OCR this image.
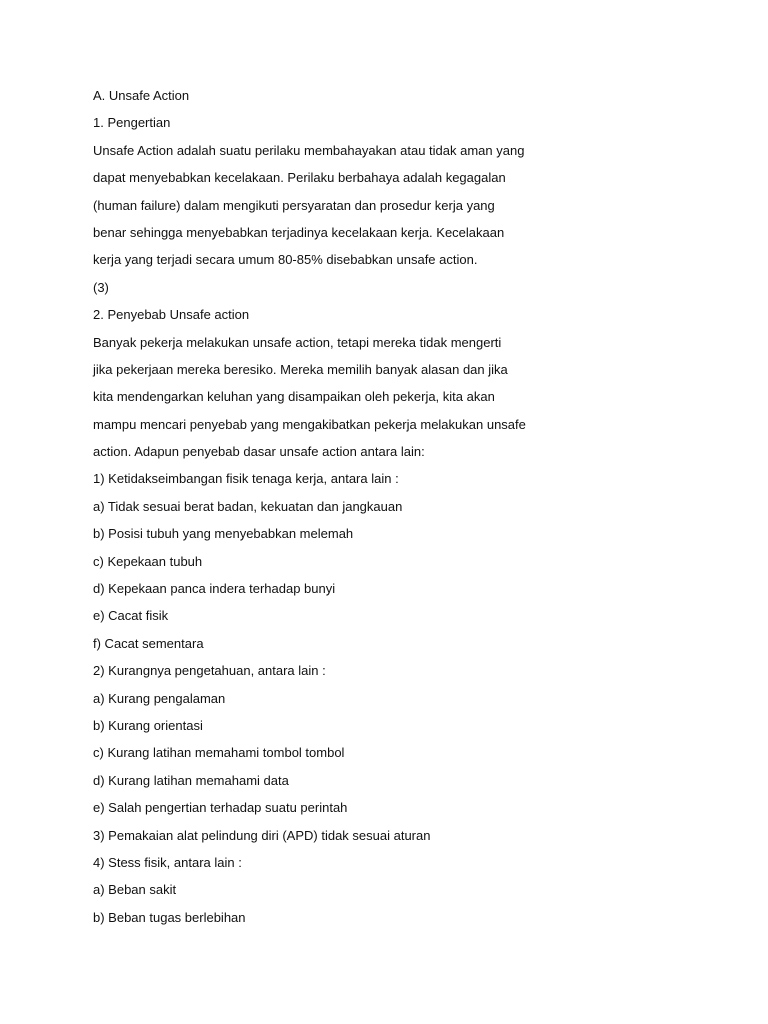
A. Unsafe Action
1. Pengertian
Unsafe Action adalah suatu perilaku membahayakan atau tidak aman yang
dapat menyebabkan kecelakaan. Perilaku berbahaya adalah kegagalan
(human failure) dalam mengikuti persyaratan dan prosedur kerja yang
benar sehingga menyebabkan terjadinya kecelakaan kerja. Kecelakaan
kerja yang terjadi secara umum 80-85% disebabkan unsafe action.
(3)
2. Penyebab Unsafe action
Banyak pekerja melakukan unsafe action, tetapi mereka tidak mengerti
jika pekerjaan mereka beresiko. Mereka memilih banyak alasan dan jika
kita mendengarkan keluhan yang disampaikan oleh pekerja, kita akan
mampu mencari penyebab yang mengakibatkan pekerja melakukan unsafe
action. Adapun penyebab dasar unsafe action antara lain:
1) Ketidakseimbangan fisik tenaga kerja, antara lain :
a) Tidak sesuai berat badan, kekuatan dan jangkauan
b) Posisi tubuh yang menyebabkan melemah
c) Kepekaan tubuh
d) Kepekaan panca indera terhadap bunyi
e) Cacat fisik
f) Cacat sementara
2) Kurangnya pengetahuan, antara lain :
a) Kurang pengalaman
b) Kurang orientasi
c) Kurang latihan memahami tombol tombol
d) Kurang latihan memahami data
e) Salah pengertian terhadap suatu perintah
3) Pemakaian alat pelindung diri (APD) tidak sesuai aturan
4) Stess fisik, antara lain :
a) Beban sakit
b) Beban tugas berlebihan
